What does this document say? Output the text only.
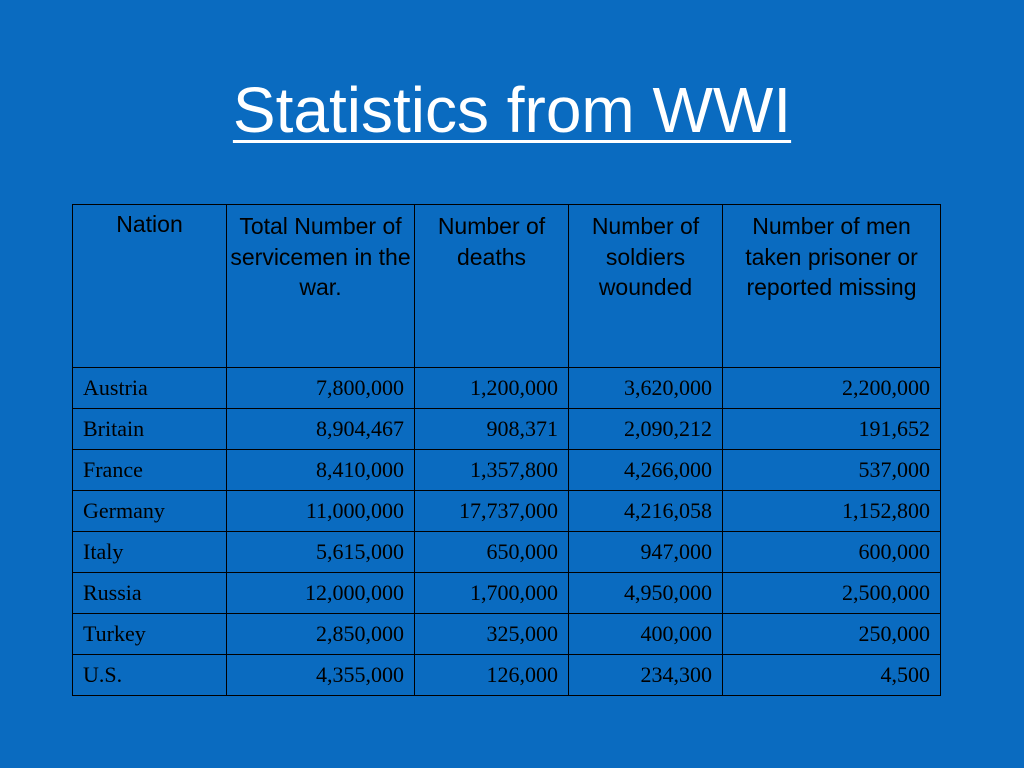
Statistics from WWI
Nation	Total Number of servicemen in the war.	Number of deaths	Number of soldiers wounded	Number of men taken prisoner or reported missing
Austria	7,800,000	1,200,000	3,620,000	2,200,000
Britain	8,904,467	908,371	2,090,212	191,652
France	8,410,000	1,357,800	4,266,000	537,000
Germany	11,000,000	17,737,000	4,216,058	1,152,800
Italy	5,615,000	650,000	947,000	600,000
Russia	12,000,000	1,700,000	4,950,000	2,500,000
Turkey	2,850,000	325,000	400,000	250,000
U.S.	4,355,000	126,000	234,300	4,500
